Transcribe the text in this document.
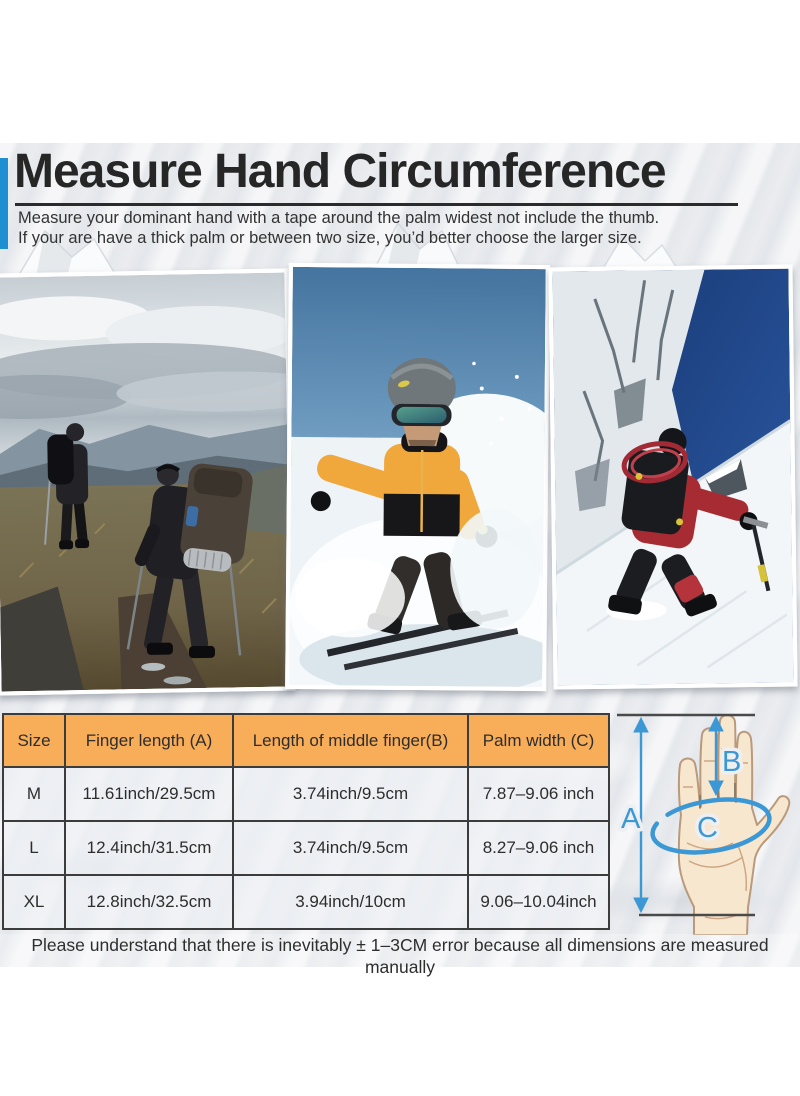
Measure Hand Circumference

Measure your dominant hand with a tape around the palm widest not include the thumb.
If your are have a thick palm or between two size, you’d better choose the larger size.

Size	Finger length (A)	Length of middle finger(B)	Palm width (C)
M	11.61inch/29.5cm	3.74inch/9.5cm	7.87–9.06 inch
L	12.4inch/31.5cm	3.74inch/9.5cm	8.27–9.06 inch
XL	12.8inch/32.5cm	3.94inch/10cm	9.06–10.04inch
A
B
C

Please understand that there is inevitably ± 1–3CM error because all dimensions are measured manually
